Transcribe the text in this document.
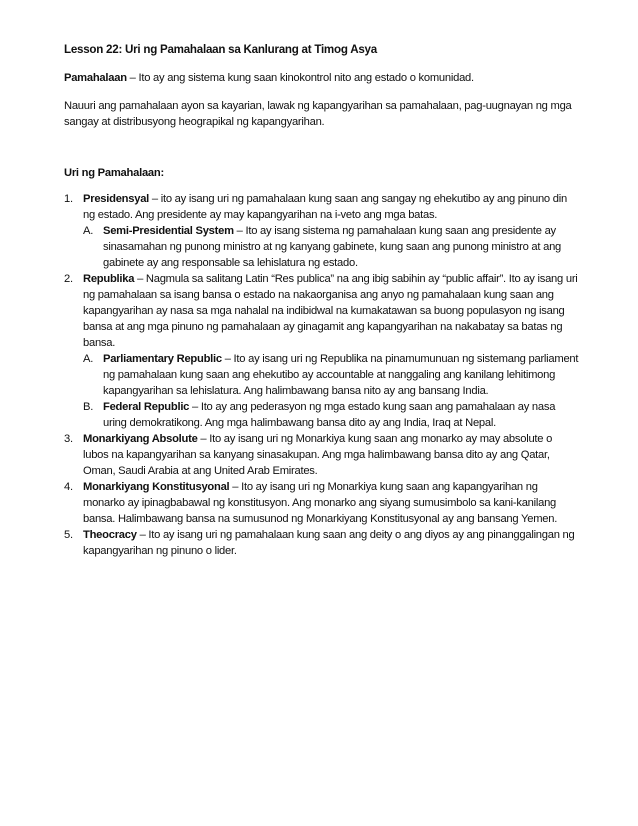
Lesson 22: Uri ng Pamahalaan sa Kanlurang at Timog Asya

Pamahalaan – Ito ay ang sistema kung saan kinokontrol nito ang estado o komunidad.

Nauuri ang pamahalaan ayon sa kayarian, lawak ng kapangyarihan sa pamahalaan, pag-uugnayan ng mga sangay at distribusyong heograpikal ng kapangyarihan.

Uri ng Pamahalaan:

1. Presidensyal – ito ay isang uri ng pamahalaan kung saan ang sangay ng ehekutibo ay ang pinuno din ng estado. Ang presidente ay may kapangyarihan na i-veto ang mga batas.
A. Semi-Presidential System – Ito ay isang sistema ng pamahalaan kung saan ang presidente ay sinasamahan ng punong ministro at ng kanyang gabinete, kung saan ang punong ministro at ang gabinete ay ang responsable sa lehislatura ng estado.
2. Republika – Nagmula sa salitang Latin “Res publica” na ang ibig sabihin ay “public affair”. Ito ay isang uri ng pamahalaan sa isang bansa o estado na nakaorganisa ang anyo ng pamahalaan kung saan ang kapangyarihan ay nasa sa mga nahalal na indibidwal na kumakatawan sa buong populasyon ng isang bansa at ang mga pinuno ng pamahalaan ay ginagamit ang kapangyarihan na nakabatay sa batas ng bansa.
A. Parliamentary Republic – Ito ay isang uri ng Republika na pinamumunuan ng sistemang parliament ng pamahalaan kung saan ang ehekutibo ay accountable at nanggaling ang kanilang lehitimong kapangyarihan sa lehislatura. Ang halimbawang bansa nito ay ang bansang India.
B. Federal Republic – Ito ay ang pederasyon ng mga estado kung saan ang pamahalaan ay nasa uring demokratikong. Ang mga halimbawang bansa dito ay ang India, Iraq at Nepal.
3. Monarkiyang Absolute – Ito ay isang uri ng Monarkiya kung saan ang monarko ay may absolute o lubos na kapangyarihan sa kanyang sinasakupan. Ang mga halimbawang bansa dito ay ang Qatar, Oman, Saudi Arabia at ang United Arab Emirates.
4. Monarkiyang Konstitusyonal – Ito ay isang uri ng Monarkiya kung saan ang kapangyarihan ng monarko ay ipinagbabawal ng konstitusyon. Ang monarko ang siyang sumusimbolo sa kani-kanilang bansa. Halimbawang bansa na sumusunod ng Monarkiyang Konstitusyonal ay ang bansang Yemen.
5. Theocracy – Ito ay isang uri ng pamahalaan kung saan ang deity o ang diyos ay ang pinanggalingan ng kapangyarihan ng pinuno o lider.
